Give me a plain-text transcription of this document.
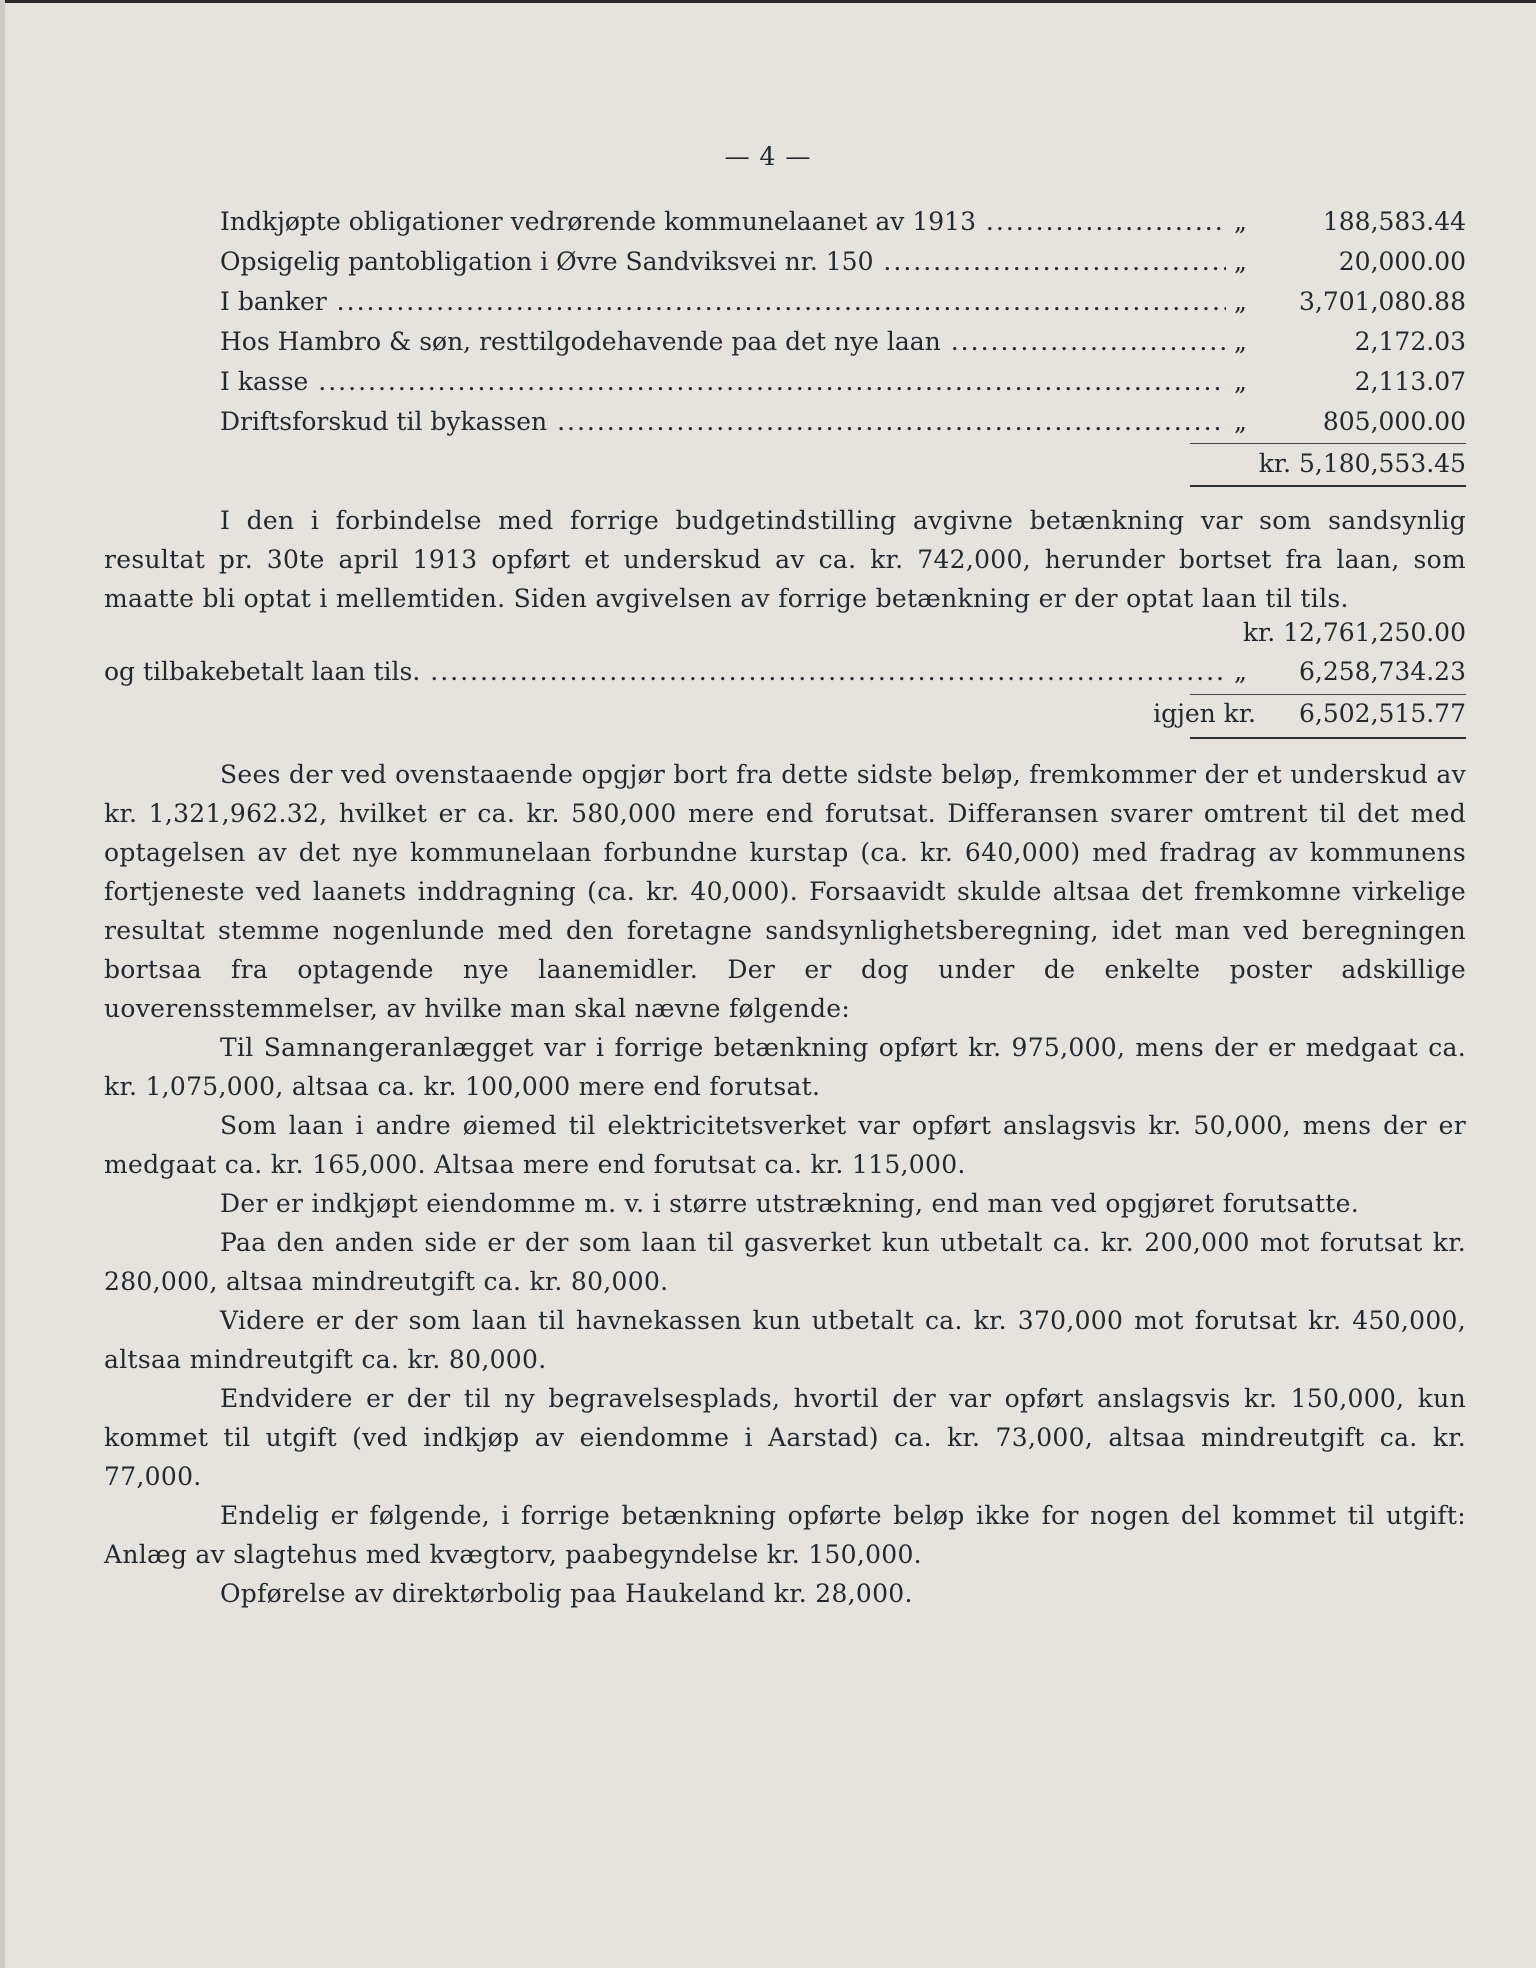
— 4 —
Indkjøpte obligationer vedrørende kommunelaanet av 1913 .....	„	188,583.44
Opsigelig pantobligation i Øvre Sandviksvei nr. 150 .....	„	20,000.00
I banker .....	„	3,701,080.88
Hos Hambro & søn, resttilgodehavende paa det nye laan .....	„	2,172.03
I kasse .....	„	2,113.07
Driftsforskud til bykassen .....	„	805,000.00
kr. 5,180,553.45

I den i forbindelse med forrige budgetindstilling avgivne betænkning var som sandsynlig resultat pr. 30te april 1913 opført et underskud av ca. kr. 742,000, herunder bortset fra laan, som maatte bli optat i mellemtiden. Siden avgivelsen av forrige betænkning er der optat laan til tils.

kr. 12,761,250.00
og tilbakebetalt laan tils. .....	„	6,258,734.23
igjen kr. 6,502,515.77

Sees der ved ovenstaaende opgjør bort fra dette sidste beløp, fremkommer der et underskud av kr. 1,321,962.32, hvilket er ca. kr. 580,000 mere end forutsat. Differansen svarer omtrent til det med optagelsen av det nye kommunelaan forbundne kurstap (ca. kr. 640,000) med fradrag av kommunens fortjeneste ved laanets inddragning (ca. kr. 40,000). Forsaavidt skulde altsaa det fremkomne virkelige resultat stemme nogenlunde med den foretagne sandsynlighetsberegning, idet man ved beregningen bortsaa fra optagende nye laanemidler. Der er dog under de enkelte poster adskillige uoverensstemmelser, av hvilke man skal nævne følgende:

Til Samnangeranlægget var i forrige betænkning opført kr. 975,000, mens der er medgaat ca. kr. 1,075,000, altsaa ca. kr. 100,000 mere end forutsat.

Som laan i andre øiemed til elektricitetsverket var opført anslagsvis kr. 50,000, mens der er medgaat ca. kr. 165,000. Altsaa mere end forutsat ca. kr. 115,000.

Der er indkjøpt eiendomme m. v. i større utstrækning, end man ved opgjøret forutsatte.

Paa den anden side er der som laan til gasverket kun utbetalt ca. kr. 200,000 mot forutsat kr. 280,000, altsaa mindreutgift ca. kr. 80,000.

Videre er der som laan til havnekassen kun utbetalt ca. kr. 370,000 mot forutsat kr. 450,000, altsaa mindreutgift ca. kr. 80,000.

Endvidere er der til ny begravelsesplads, hvortil der var opført anslagsvis kr. 150,000, kun kommet til utgift (ved indkjøp av eiendomme i Aarstad) ca. kr. 73,000, altsaa mindreutgift ca. kr. 77,000.

Endelig er følgende, i forrige betænkning opførte beløp ikke for nogen del kommet til utgift: Anlæg av slagtehus med kvægtorv, paabegyndelse kr. 150,000.

Opførelse av direktørbolig paa Haukeland kr. 28,000.
